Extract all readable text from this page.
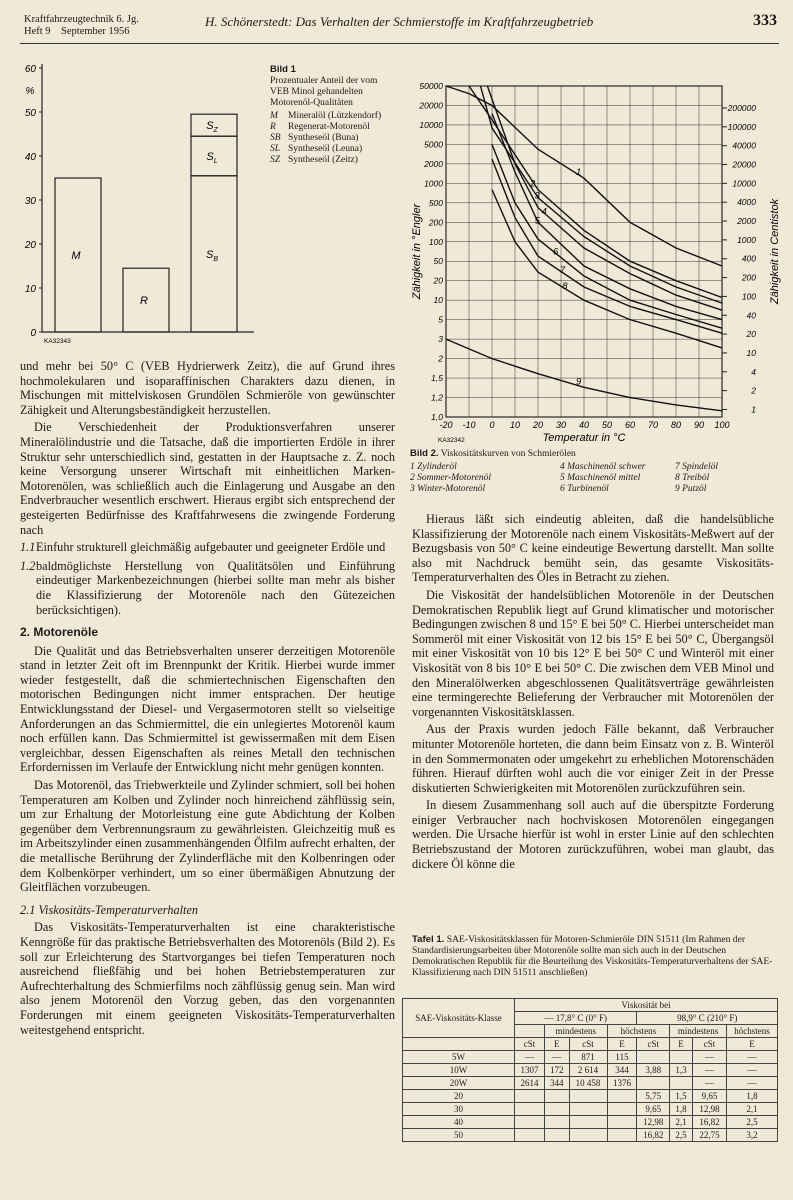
Kraftfahrzeugtechnik 6. Jg.
Heft 9    September 1956
H. Schönerstedt: Das Verhalten der Schmierstoffe im Kraftfahrzeugbetrieb	333
0
10
20
30
40
50
60
%
M
R
$S_B$
$S_L$
$S_Z$
KA32343
Bild 1
Prozentualer Anteil der vom VEB Minol gehandelten Motorenöl-Qualitäten
M Mineralöl (Lützkendorf)
R Regenerat-Motorenöl
SB Syntheseöl (Buna)
SL Syntheseöl (Leuna)
SZ Syntheseöl (Zeitz)
-20 -10 0 10 20 30 40 50 60 70 80 90 100
50000
20000
10000
5000
2000
1000
500
200
100
50
20
10
5
3
2
1,5
1,2
1,0
200000
100000
40000
20000
10000
4000
2000
1000
400
200
100
40
20
10
4
2
1
Temperatur in °C
Zähigkeit in °Engler	Zähigkeit in Centistok
1
2
3
4
5
6
7
8
9
KA32342
Bild 2. Viskositätskurven von Schmierölen
1 Zylinderöl	4 Maschinenöl schwer	7 Spindelöl
2 Sommer-Motorenöl	5 Maschinenöl mittel	8 Treiböl
3 Winter-Motorenöl	6 Turbinenöl	9 Putzöl

und mehr bei 50° C (VEB Hydrierwerk Zeitz), die auf Grund ihres hochmolekularen und isoparaffinischen Charakters dazu dienen, in Mischungen mit mittelviskosen Grundölen Schmieröle von gewünschter Zähigkeit und Alterungsbeständigkeit herzustellen.

Die Verschiedenheit der Produktionsverfahren unserer Mineralölindustrie und die Tatsache, daß die importierten Erdöle in ihrer Struktur sehr unterschiedlich sind, gestatten in der Hauptsache z. Z. noch keine Versorgung unserer Wirtschaft mit einheitlichen Marken-Motorenölen, was schließlich auch die Einlagerung und Ausgabe an den Endverbraucher wesentlich erschwert. Hieraus ergibt sich entsprechend der gesteigerten Bedürfnisse des Kraftfahrwesens die zwingende Forderung nach

1.1 Einfuhr strukturell gleichmäßig aufgebauter und geeigneter Erdöle und
1.2 baldmöglichste Herstellung von Qualitätsölen und Einführung eindeutiger Markenbezeichnungen (hierbei sollte man mehr als bisher die Klassifizierung der Motorenöle nach den Gütezeichen berücksichtigen).

2. Motorenöle

Die Qualität und das Betriebsverhalten unserer derzeitigen Motorenöle stand in letzter Zeit oft im Brennpunkt der Kritik. Hierbei wurde immer wieder festgestellt, daß die schmiertechnischen Eigenschaften den motorischen Bedingungen nicht immer entsprachen. Der heutige Entwicklungsstand der Diesel- und Vergasermotoren stellt so vielseitige Anforderungen an das Schmiermittel, die ein unlegiertes Motorenöl kaum noch erfüllen kann. Das Schmiermittel ist gewissermaßen mit dem Eisen vergleichbar, dessen Eigenschaften als reines Metall den technischen Erfordernissen im Verlaufe der Entwicklung nicht mehr genügen konnten.

Das Motorenöl, das Triebwerkteile und Zylinder schmiert, soll bei hohen Temperaturen am Kolben und Zylinder noch hinreichend zähflüssig sein, um zur Erhaltung der Motorleistung eine gute Abdichtung der Kolben gegenüber dem Verbrennungsraum zu gewährleisten. Gleichzeitig muß es im Arbeitszylinder einen zusammenhängenden Ölfilm aufrecht erhalten, der die metallische Berührung der Zylinderfläche mit den Kolbenringen oder dem Kolbenkörper verhindert, um so einer übermäßigen Abnutzung der Gleitflächen vorzubeugen.

2.1 Viskositäts-Temperaturverhalten

Das Viskositäts-Temperaturverhalten ist eine charakteristische Kenngröße für das praktische Betriebsverhalten des Motorenöls (Bild 2). Es soll zur Erleichterung des Startvorganges bei tiefen Temperaturen noch ausreichend fließfähig und bei hohen Betriebstemperaturen zur Aufrechterhaltung des Schmierfilms noch zähflüssig genug sein. Man wird also jenem Motorenöl den Vorzug geben, das den vorgenannten Forderungen mit einem geeigneten Viskositäts-Temperaturverhalten weitestgehend entspricht.

Hieraus läßt sich eindeutig ableiten, daß die handelsübliche Klassifizierung der Motorenöle nach einem Viskositäts-Meßwert auf der Bezugsbasis von 50° C keine eindeutige Bewertung darstellt. Man sollte also mit Nachdruck bemüht sein, das gesamte Viskositäts-Temperaturverhalten des Öles in Betracht zu ziehen.

Die Viskosität der handelsüblichen Motorenöle in der Deutschen Demokratischen Republik liegt auf Grund klimatischer und motorischer Bedingungen zwischen 8 und 15° E bei 50° C. Hierbei unterscheidet man Sommeröl mit einer Viskosität von 12 bis 15° E bei 50° C, Übergangsöl mit einer Viskosität von 10 bis 12° E bei 50° C und Winteröl mit einer Viskosität von 8 bis 10° E bei 50° C. Die zwischen dem VEB Minol und den Mineralölwerken abgeschlossenen Qualitätsverträge gewährleisten eine termingerechte Belieferung der Verbraucher mit Motorenölen der vorgenannten Viskositätsklassen.

Aus der Praxis wurden jedoch Fälle bekannt, daß Verbraucher mitunter Motorenöle horteten, die dann beim Einsatz von z. B. Winteröl in den Sommermonaten oder umgekehrt zu erheblichen Motorenschäden führen. Hierauf dürften wohl auch die vor einiger Zeit in der Presse diskutierten Schwierigkeiten mit Motorenölen zurückzuführen sein.

In diesem Zusammenhang soll auch auf die überspitzte Forderung einiger Verbraucher nach hochviskosen Motorenölen eingegangen werden. Die Ursache hierfür ist wohl in erster Linie auf den schlechten Betriebszustand der Motoren zurückzuführen, wobei man glaubt, das dickere Öl könne die

Tafel 1. SAE-Viskositätsklassen für Motoren-Schmieröle DIN 51511 (Im Rahmen der Standardisierungsarbeiten über Motorenöle sollte man sich auch in der Deutschen Demokratischen Republik für die Beurteilung des Viskositäts-Temperaturverhaltens der SAE-Klassifizierung nach DIN 51511 anschließen)
SAE-Viskositäts-Klasse	Viskosität bei							
	— 17,8° C (0° F)				98,9° C (210° F)			
		mindestens		höchstens		mindestens		höchstens
	cSt	E	cSt	E	cSt	E	cSt	E
5W	—	—	871	115			—	—
10W	1307	172	2 614	344	3,88	1,3	—	—
20W	2614	344	10 458	1376			—	—
20					5,75	1,5	9,65	1,8
30					9,65	1,8	12,98	2,1
40					12,98	2,1	16,82	2,5
50					16,82	2,5	22,75	3,2
